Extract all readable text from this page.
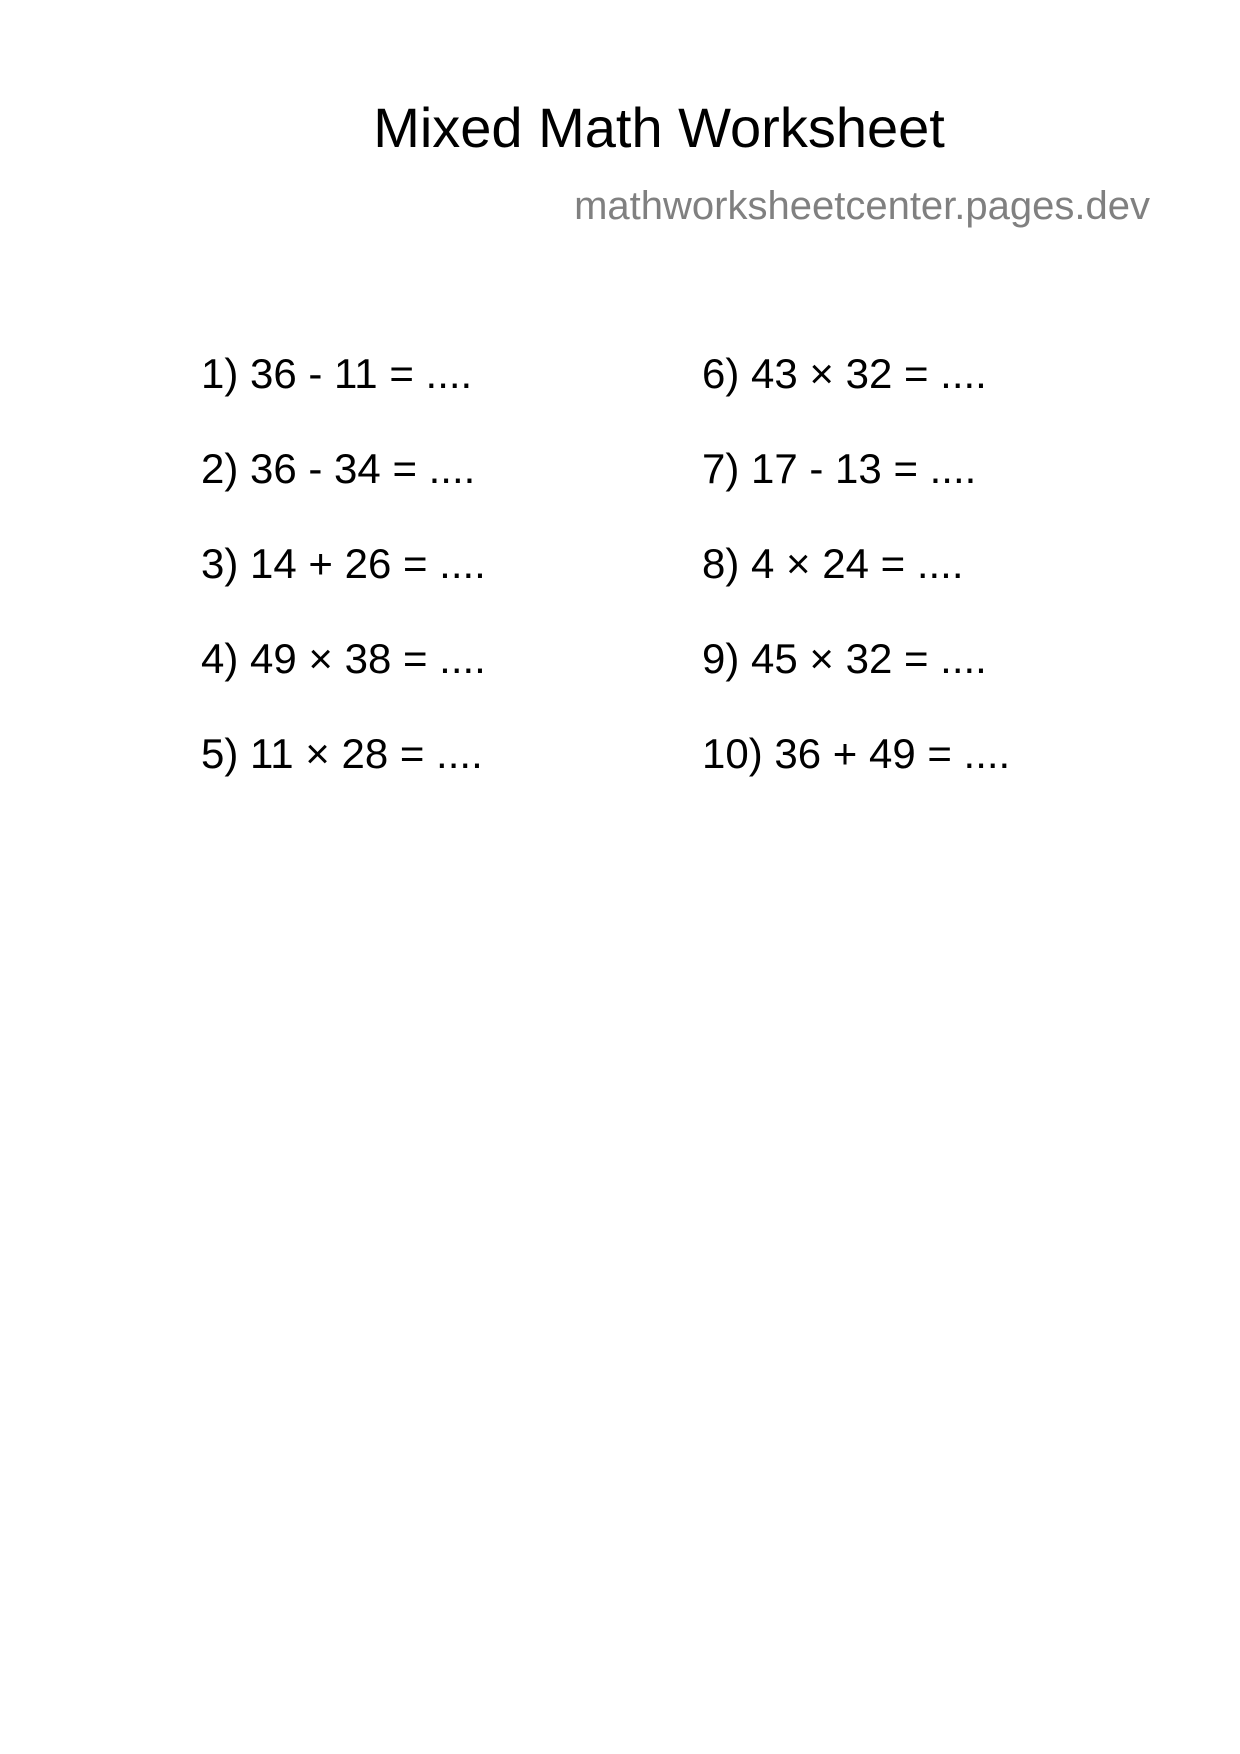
Mixed Math Worksheet
mathworksheetcenter.pages.dev
1) 36 - 11 = ....
2) 36 - 34 = ....
3) 14 + 26 = ....
4) 49 × 38 = ....
5) 11 × 28 = ....
6) 43 × 32 = ....
7) 17 - 13 = ....
8) 4 × 24 = ....
9) 45 × 32 = ....
10) 36 + 49 = ....
